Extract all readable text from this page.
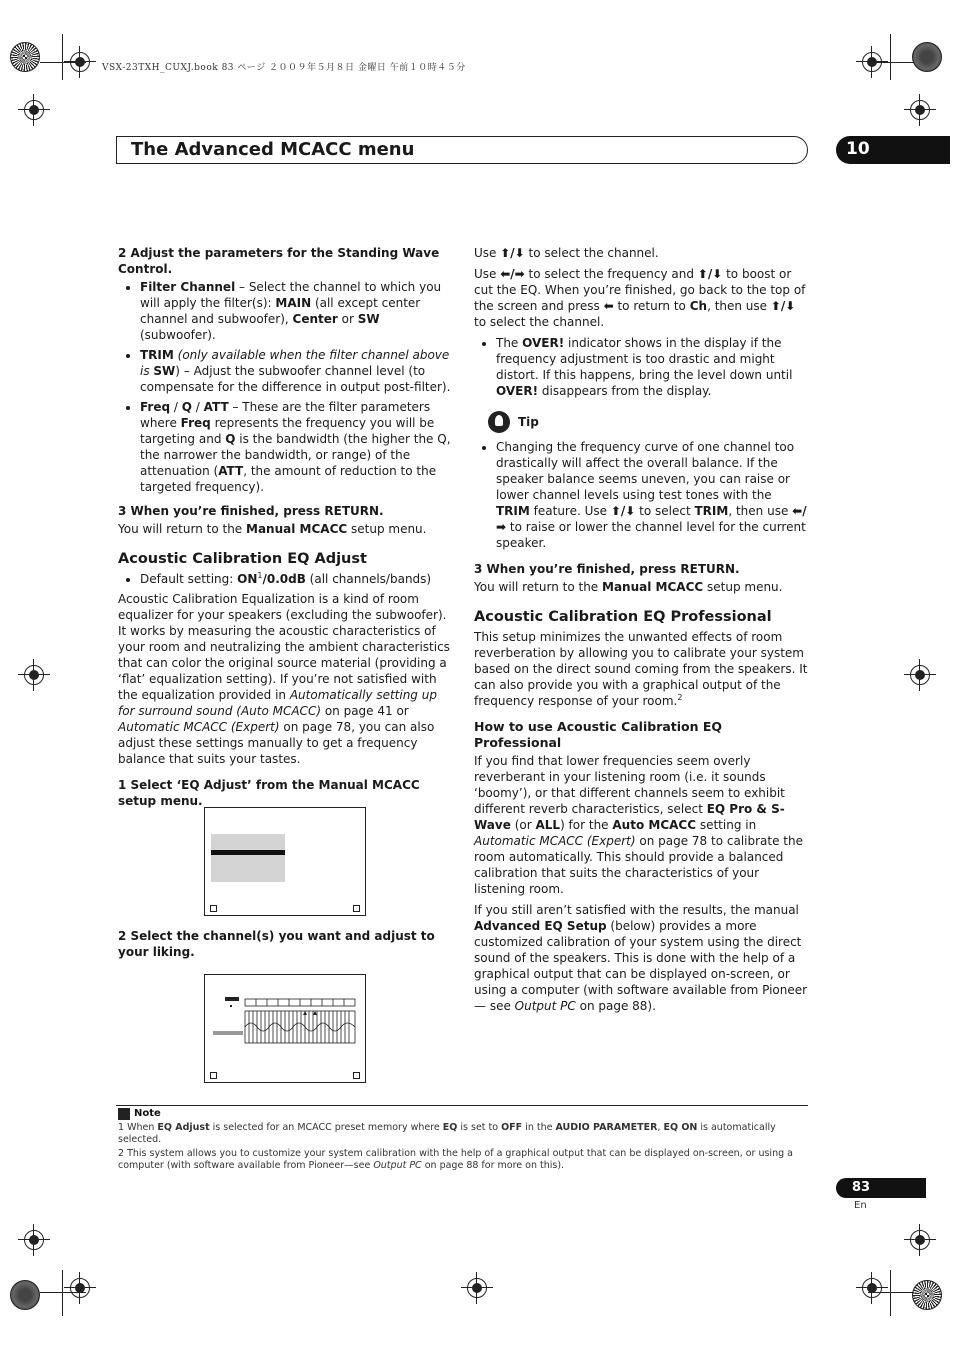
VSX-23TXH_CUXJ.book 83 ページ ２００９年５月８日 金曜日 午前１０時４５分
The Advanced MCACC menu	10

2 Adjust the parameters for the Standing Wave Control.

• Filter Channel – Select the channel to which you will apply the filter(s): MAIN (all except center channel and subwoofer), Center or SW (subwoofer).
• TRIM (only available when the filter channel above is SW) – Adjust the subwoofer channel level (to compensate for the difference in output post-filter).
• Freq / Q / ATT – These are the filter parameters where Freq represents the frequency you will be targeting and Q is the bandwidth (the higher the Q, the narrower the bandwidth, or range) of the attenuation (ATT, the amount of reduction to the targeted frequency).

3 When you’re finished, press RETURN.

You will return to the Manual MCACC setup menu.

Acoustic Calibration EQ Adjust

• Default setting: $ON^1/0.0dB$ (all channels/bands)

Acoustic Calibration Equalization is a kind of room equalizer for your speakers (excluding the subwoofer). It works by measuring the acoustic characteristics of your room and neutralizing the ambient characteristics that can color the original source material (providing a ‘flat’ equalization setting). If you’re not satisfied with the equalization provided in Automatically setting up for surround sound (Auto MCACC) on page 41 or Automatic MCACC (Expert) on page 78, you can also adjust these settings manually to get a frequency balance that suits your tastes.

1 Select ‘EQ Adjust’ from the Manual MCACC setup menu.

2 Select the channel(s) you want and adjust to your liking.

Use ⬆/⬇ to select the channel.

Use ⬅/➡ to select the frequency and ⬆/⬇ to boost or cut the EQ. When you’re finished, go back to the top of the screen and press ⬅ to return to Ch, then use ⬆/⬇ to select the channel.

• The OVER! indicator shows in the display if the frequency adjustment is too drastic and might distort. If this happens, bring the level down until OVER! disappears from the display.
Tip
• Changing the frequency curve of one channel too drastically will affect the overall balance. If the speaker balance seems uneven, you can raise or lower channel levels using test tones with the TRIM feature. Use ⬆/⬇ to select TRIM, then use ⬅/➡ to raise or lower the channel level for the current speaker.

3 When you’re finished, press RETURN.

You will return to the Manual MCACC setup menu.

Acoustic Calibration EQ Professional

This setup minimizes the unwanted effects of room reverberation by allowing you to calibrate your system based on the direct sound coming from the speakers. It can also provide you with a graphical output of the frequency response of your room.$^2$

How to use Acoustic Calibration EQ Professional

If you find that lower frequencies seem overly reverberant in your listening room (i.e. it sounds ‘boomy’), or that different channels seem to exhibit different reverb characteristics, select EQ Pro & S-Wave (or ALL) for the Auto MCACC setting in Automatic MCACC (Expert) on page 78 to calibrate the room automatically. This should provide a balanced calibration that suits the characteristics of your listening room.

If you still aren’t satisfied with the results, the manual Advanced EQ Setup (below) provides a more customized calibration of your system using the direct sound of the speakers. This is done with the help of a graphical output that can be displayed on-screen, or using a computer (with software available from Pioneer — see Output PC on page 88).

Note

1 When EQ Adjust is selected for an MCACC preset memory where EQ is set to OFF in the AUDIO PARAMETER, EQ ON is automatically selected.

2 This system allows you to customize your system calibration with the help of a graphical output that can be displayed on-screen, or using a computer (with software available from Pioneer—see Output PC on page 88 for more on this).

83
En
